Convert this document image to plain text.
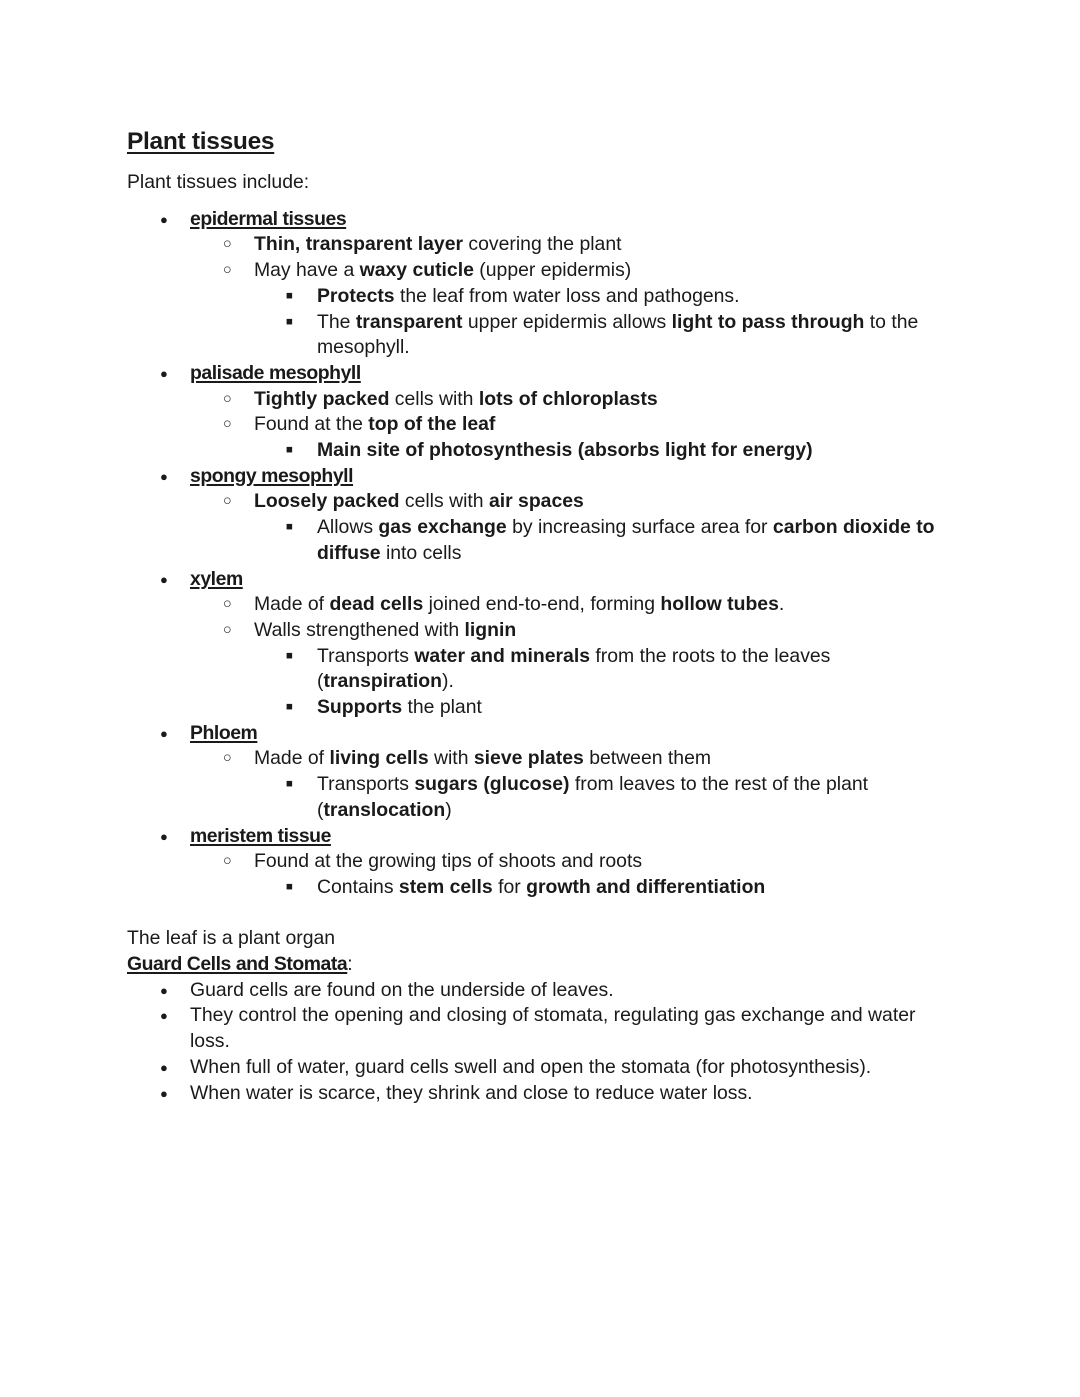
Plant tissues
Plant tissues include:
●	epidermal tissues
○	Thin, transparent layer covering the plant
○	May have a waxy cuticle (upper epidermis)
■	Protects the leaf from water loss and pathogens.
■	The transparent upper epidermis allows light to pass through to the mesophyll.
●	palisade mesophyll
○	Tightly packed cells with lots of chloroplasts
○	Found at the top of the leaf
■	Main site of photosynthesis (absorbs light for energy)
●	spongy mesophyll
○	Loosely packed cells with air spaces
■	Allows gas exchange by increasing surface area for carbon dioxide to diffuse into cells
●	xylem
○	Made of dead cells joined end-to-end, forming hollow tubes.
○	Walls strengthened with lignin
■	Transports water and minerals from the roots to the leaves (transpiration).
■	Supports the plant
●	Phloem
○	Made of living cells with sieve plates between them
■	Transports sugars (glucose) from leaves to the rest of the plant (translocation)
●	meristem tissue
○	Found at the growing tips of shoots and roots
■	Contains stem cells for growth and differentiation
The leaf is a plant organ
Guard Cells and Stomata:
●	Guard cells are found on the underside of leaves.
●	They control the opening and closing of stomata, regulating gas exchange and water loss.
●	When full of water, guard cells swell and open the stomata (for photosynthesis).
●	When water is scarce, they shrink and close to reduce water loss.
